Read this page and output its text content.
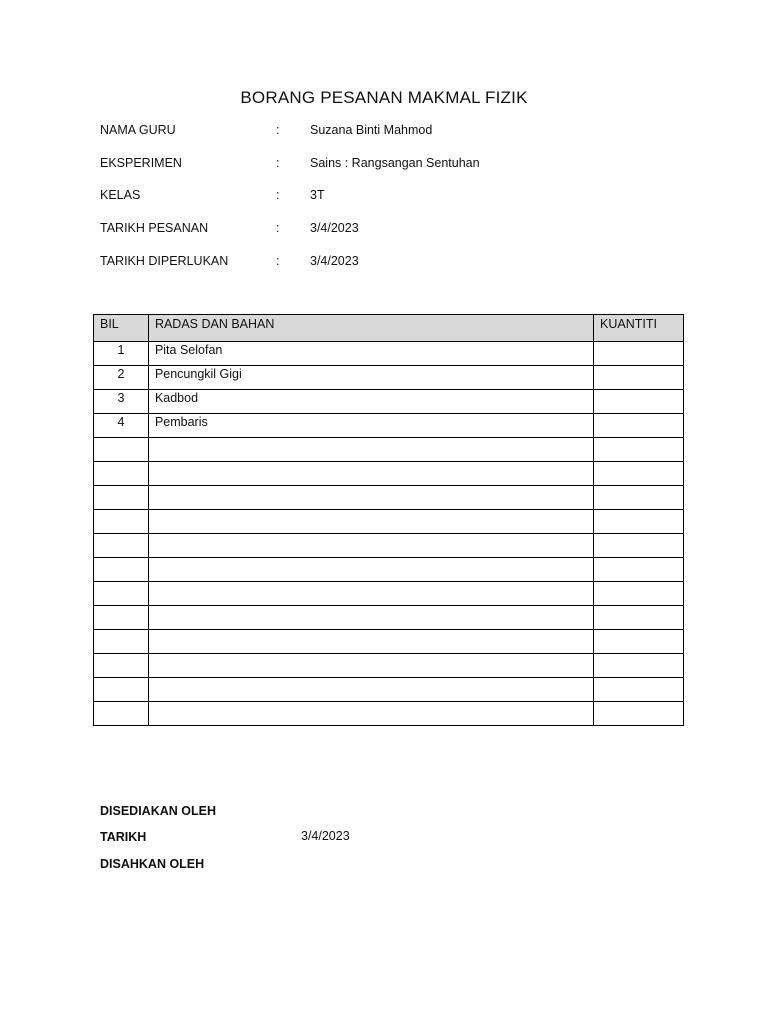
BORANG PESANAN MAKMAL FIZIK
NAMA GURU	: Suzana Binti Mahmod
EKSPERIMEN	: Sains : Rangsangan Sentuhan
KELAS	: 3T
TARIKH PESANAN	: 3/4/2023
TARIKH DIPERLUKAN	: 3/4/2023
BIL	RADAS DAN BAHAN	KUANTITI
1	Pita Selofan	
2	Pencungkil Gigi	
3	Kadbod	
4	Pembaris	

DISEDIAKAN OLEH
TARIKH	3/4/2023
DISAHKAN OLEH
